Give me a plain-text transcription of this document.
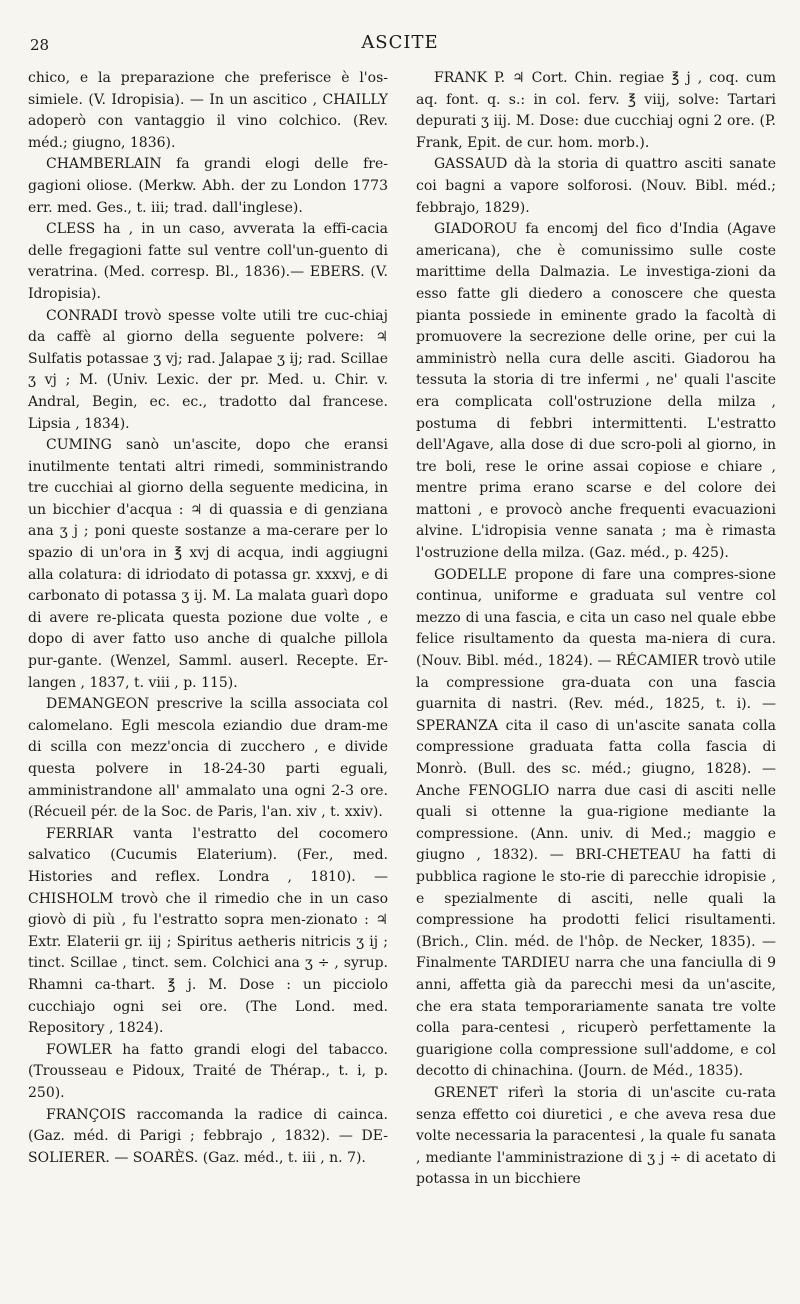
28	ASCITE

chico, e la preparazione che preferisce è l'os-simiele. (V. Idropisia). — In un ascitico , CHAILLY adoperò con vantaggio il vino colchico. (Rev. méd.; giugno, 1836).

CHAMBERLAIN fa grandi elogi delle fre-gagioni oliose. (Merkw. Abh. der zu London 1773 err. med. Ges., t. iii; trad. dall'inglese).

CLESS ha , in un caso, avverata la effi-cacia delle fregagioni fatte sul ventre coll'un-guento di veratrina. (Med. corresp. Bl., 1836).— EBERS. (V. Idropisia).

CONRADI trovò spesse volte utili tre cuc-chiaj da caffè al giorno della seguente polvere: ♃ Sulfatis potassae ʒ vj; rad. Jalapae ʒ ij; rad. Scillae ʒ vj ; M. (Univ. Lexic. der pr. Med. u. Chir. v. Andral, Begin, ec. ec., tradotto dal francese. Lipsia , 1834).

CUMING sanò un'ascite, dopo che eransi inutilmente tentati altri rimedi, somministrando tre cucchiai al giorno della seguente medicina, in un bicchier d'acqua : ♃ di quassia e di genziana ana ʒ j ; poni queste sostanze a ma-cerare per lo spazio di un'ora in ℥ xvj di acqua, indi aggiugni alla colatura: di idriodato di potassa gr. xxxvj, e di carbonato di potassa ʒ ij. M. La malata guarì dopo di avere re-plicata questa pozione due volte , e dopo di aver fatto uso anche di qualche pillola pur-gante. (Wenzel, Samml. auserl. Recepte. Er-langen , 1837, t. viii , p. 115).

DEMANGEON prescrive la scilla associata col calomelano. Egli mescola eziandio due dram-me di scilla con mezz'oncia di zucchero , e divide questa polvere in 18-24-30 parti eguali, amministrandone all' ammalato una ogni 2-3 ore. (Récueil pér. de la Soc. de Paris, l'an. xiv , t. xxiv).

FERRIAR vanta l'estratto del cocomero salvatico (Cucumis Elaterium). (Fer., med. Histories and reflex. Londra , 1810). — CHISHOLM trovò che il rimedio che in un caso giovò di più , fu l'estratto sopra men-zionato : ♃ Extr. Elaterii gr. iij ; Spiritus aetheris nitricis ʒ ij ; tinct. Scillae , tinct. sem. Colchici ana ʒ ÷ , syrup. Rhamni ca-thart. ℥ j. M. Dose : un picciolo cucchiajo ogni sei ore. (The Lond. med. Repository , 1824).

FOWLER ha fatto grandi elogi del tabacco. (Trousseau e Pidoux, Traité de Thérap., t. i, p. 250).

FRANÇOIS raccomanda la radice di cainca. (Gaz. méd. di Parigi ; febbrajo , 1832). — DE-SOLIERER. — SOARÈS. (Gaz. méd., t. iii , n. 7).

FRANK P. ♃ Cort. Chin. regiae ℥ j , coq. cum aq. font. q. s.: in col. ferv. ℥ viij, solve: Tartari depurati ʒ iij. M. Dose: due cucchiaj ogni 2 ore. (P. Frank, Epit. de cur. hom. morb.).

GASSAUD dà la storia di quattro asciti sanate coi bagni a vapore solforosi. (Nouv. Bibl. méd.; febbrajo, 1829).

GIADOROU fa encomj del fico d'India (Agave americana), che è comunissimo sulle coste marittime della Dalmazia. Le investiga-zioni da esso fatte gli diedero a conoscere che questa pianta possiede in eminente grado la facoltà di promuovere la secrezione delle orine, per cui la amministrò nella cura delle asciti. Giadorou ha tessuta la storia di tre infermi , ne' quali l'ascite era complicata coll'ostruzione della milza , postuma di febbri intermittenti. L'estratto dell'Agave, alla dose di due scro-poli al giorno, in tre boli, rese le orine assai copiose e chiare , mentre prima erano scarse e del colore dei mattoni , e provocò anche frequenti evacuazioni alvine. L'idropisia venne sanata ; ma è rimasta l'ostruzione della milza. (Gaz. méd., p. 425).

GODELLE propone di fare una compres-sione continua, uniforme e graduata sul ventre col mezzo di una fascia, e cita un caso nel quale ebbe felice risultamento da questa ma-niera di cura. (Nouv. Bibl. méd., 1824). — RÉCAMIER trovò utile la compressione gra-duata con una fascia guarnita di nastri. (Rev. méd., 1825, t. i). — SPERANZA cita il caso di un'ascite sanata colla compressione graduata fatta colla fascia di Monrò. (Bull. des sc. méd.; giugno, 1828). — Anche FENOGLIO narra due casi di asciti nelle quali si ottenne la gua-rigione mediante la compressione. (Ann. univ. di Med.; maggio e giugno , 1832). — BRI-CHETEAU ha fatti di pubblica ragione le sto-rie di parecchie idropisie , e spezialmente di asciti, nelle quali la compressione ha prodotti felici risultamenti. (Brich., Clin. méd. de l'hôp. de Necker, 1835). — Finalmente TARDIEU narra che una fanciulla di 9 anni, affetta già da parecchi mesi da un'ascite, che era stata temporariamente sanata tre volte colla para-centesi , ricuperò perfettamente la guarigione colla compressione sull'addome, e col decotto di chinachina. (Journ. de Méd., 1835).

GRENET riferì la storia di un'ascite cu-rata senza effetto coi diuretici , e che aveva resa due volte necessaria la paracentesi , la quale fu sanata , mediante l'amministrazione di ʒ j ÷ di acetato di potassa in un bicchiere
